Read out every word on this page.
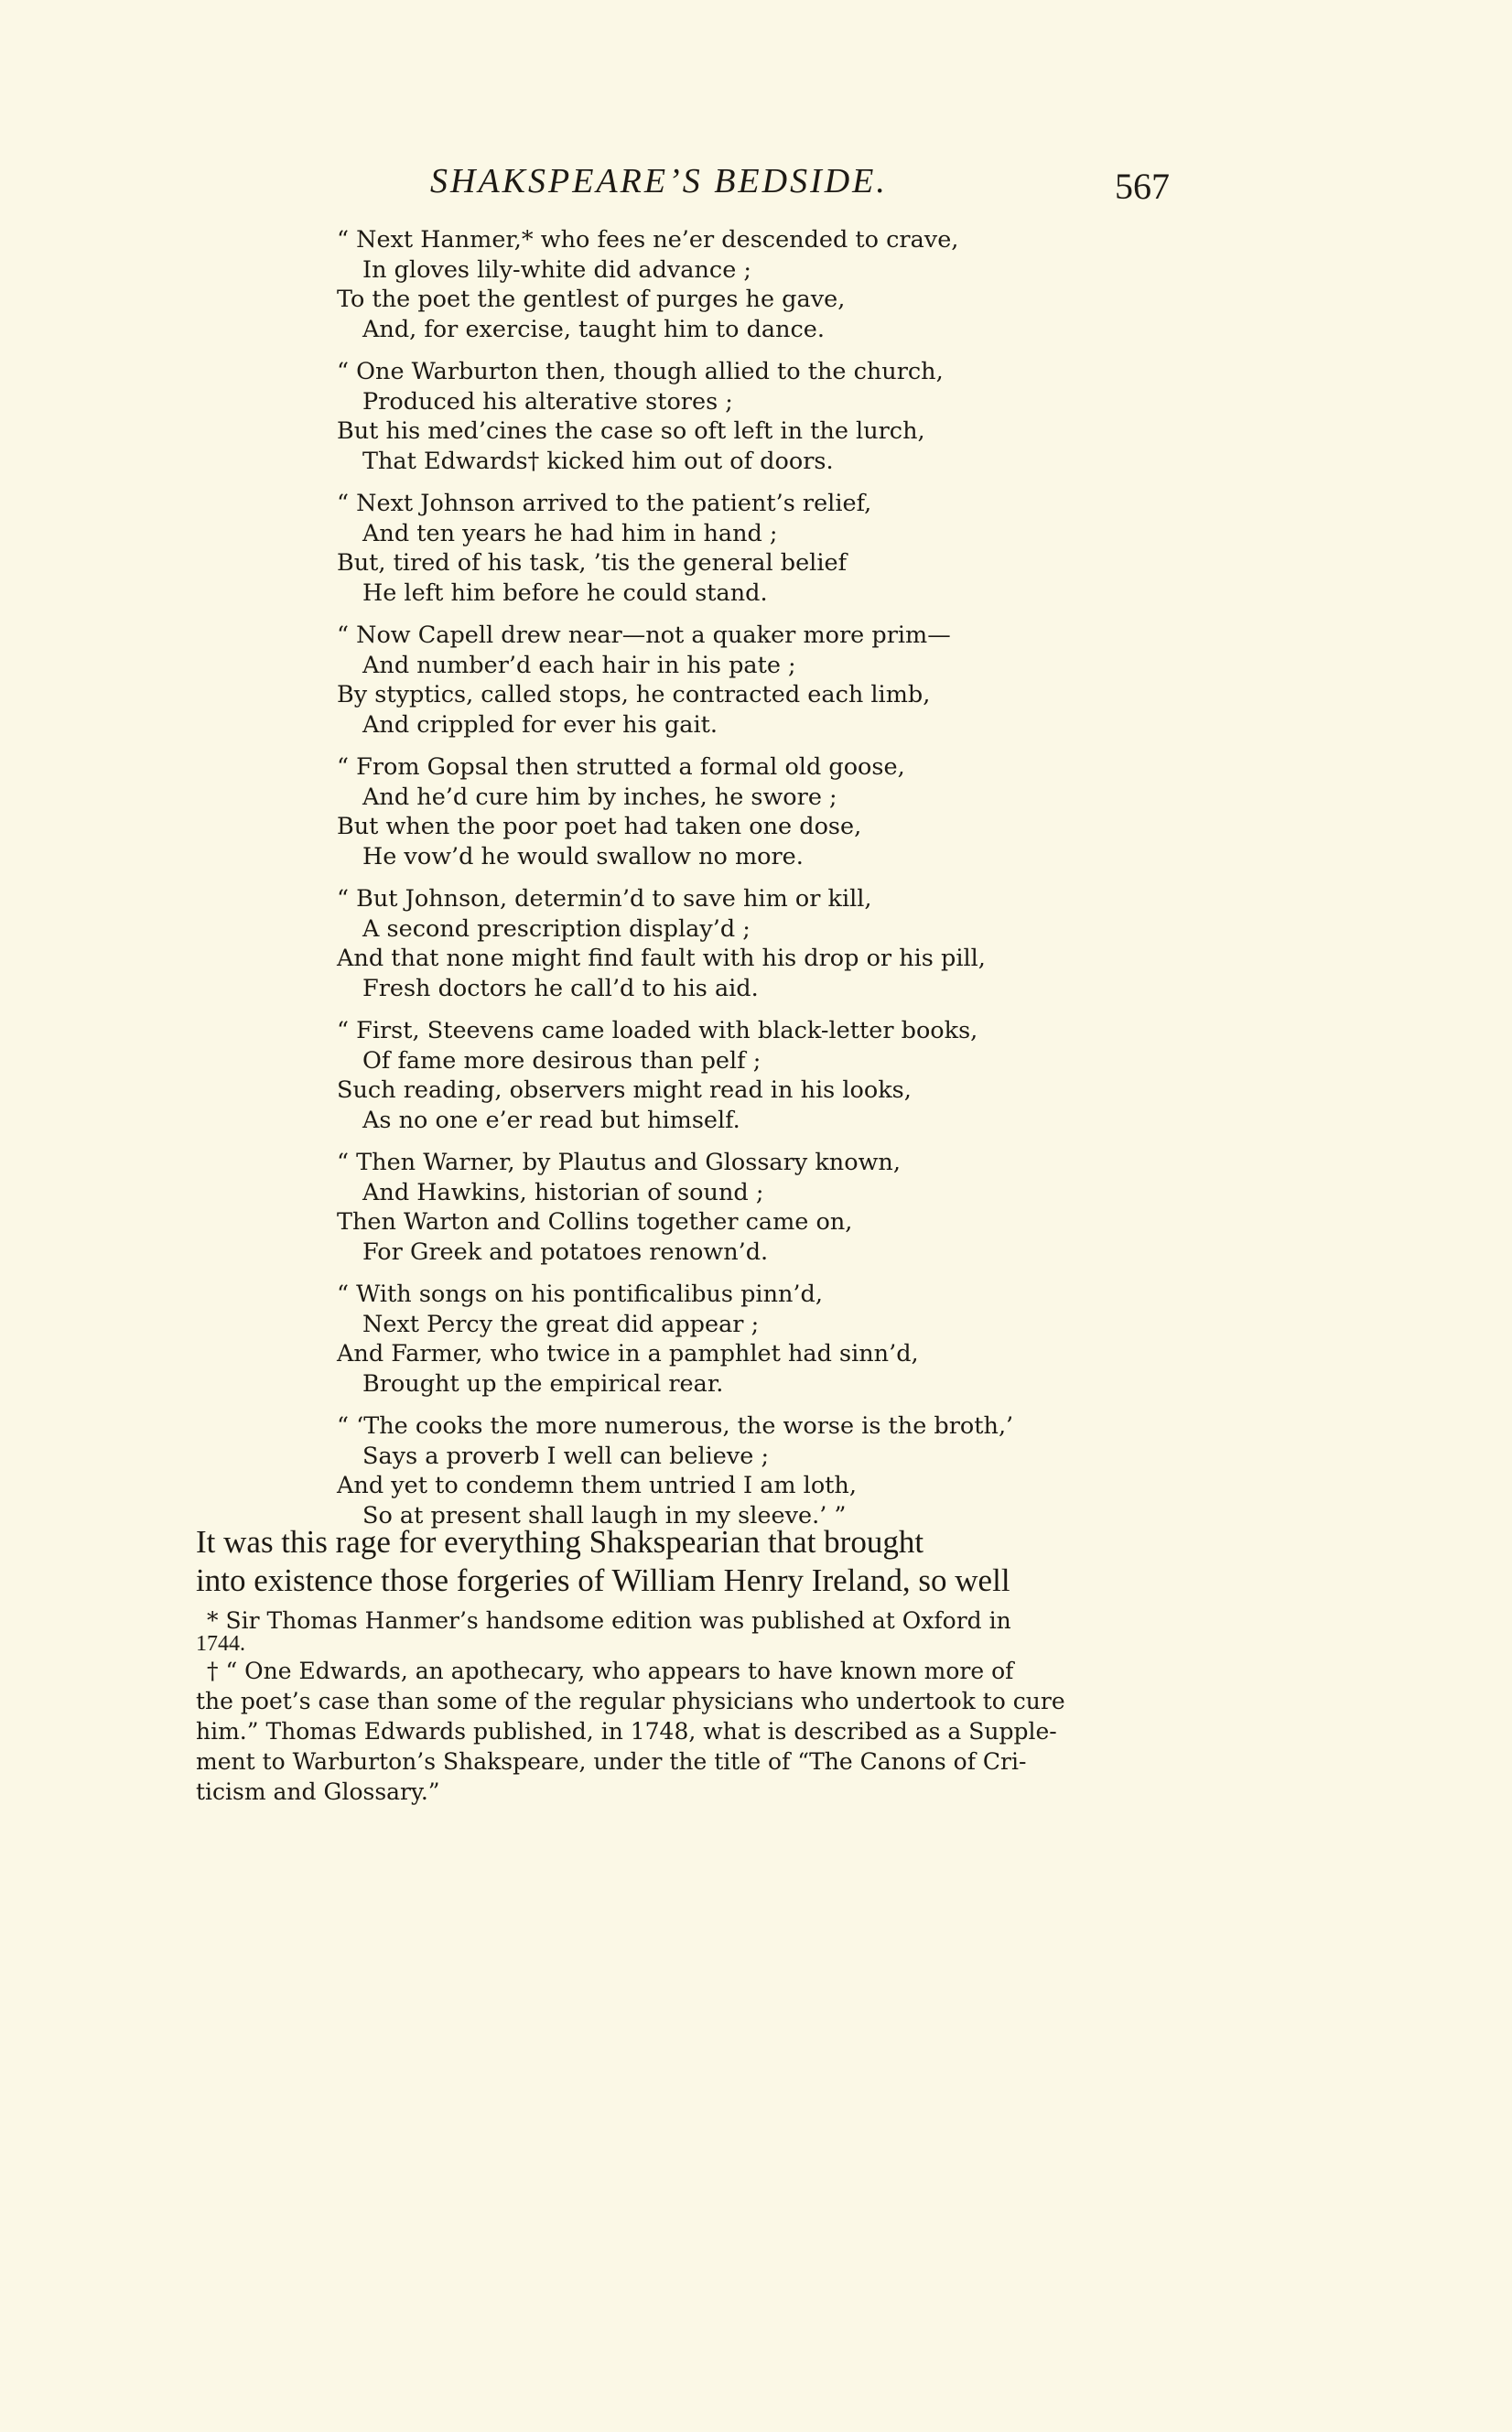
SHAKSPEARE’S BEDSIDE.	567
“ Next Hanmer,* who fees ne’er descended to crave,
In gloves lily-white did advance ;
To the poet the gentlest of purges he gave,
And, for exercise, taught him to dance.
“ One Warburton then, though allied to the church,
Produced his alterative stores ;
But his med’cines the case so oft left in the lurch,
That Edwards† kicked him out of doors.
“ Next Johnson arrived to the patient’s relief,
And ten years he had him in hand ;
But, tired of his task, ’tis the general belief
He left him before he could stand.
“ Now Capell drew near—not a quaker more prim—
And number’d each hair in his pate ;
By styptics, called stops, he contracted each limb,
And crippled for ever his gait.
“ From Gopsal then strutted a formal old goose,
And he’d cure him by inches, he swore ;
But when the poor poet had taken one dose,
He vow’d he would swallow no more.
“ But Johnson, determin’d to save him or kill,
A second prescription display’d ;
And that none might find fault with his drop or his pill,
Fresh doctors he call’d to his aid.
“ First, Steevens came loaded with black-letter books,
Of fame more desirous than pelf ;
Such reading, observers might read in his looks,
As no one e’er read but himself.
“ Then Warner, by Plautus and Glossary known,
And Hawkins, historian of sound ;
Then Warton and Collins together came on,
For Greek and potatoes renown’d.
“ With songs on his pontificalibus pinn’d,
Next Percy the great did appear ;
And Farmer, who twice in a pamphlet had sinn’d,
Brought up the empirical rear.
“ ‘The cooks the more numerous, the worse is the broth,’
Says a proverb I well can believe ;
And yet to condemn them untried I am loth,
So at present shall laugh in my sleeve.’ ”
It was this rage for everything Shakspearian that brought
into existence those forgeries of William Henry Ireland, so well
* Sir Thomas Hanmer’s handsome edition was published at Oxford in
1744.
† “ One Edwards, an apothecary, who appears to have known more of
the poet’s case than some of the regular physicians who undertook to cure
him.” Thomas Edwards published, in 1748, what is described as a Supple-
ment to Warburton’s Shakspeare, under the title of “The Canons of Cri-
ticism and Glossary.”
